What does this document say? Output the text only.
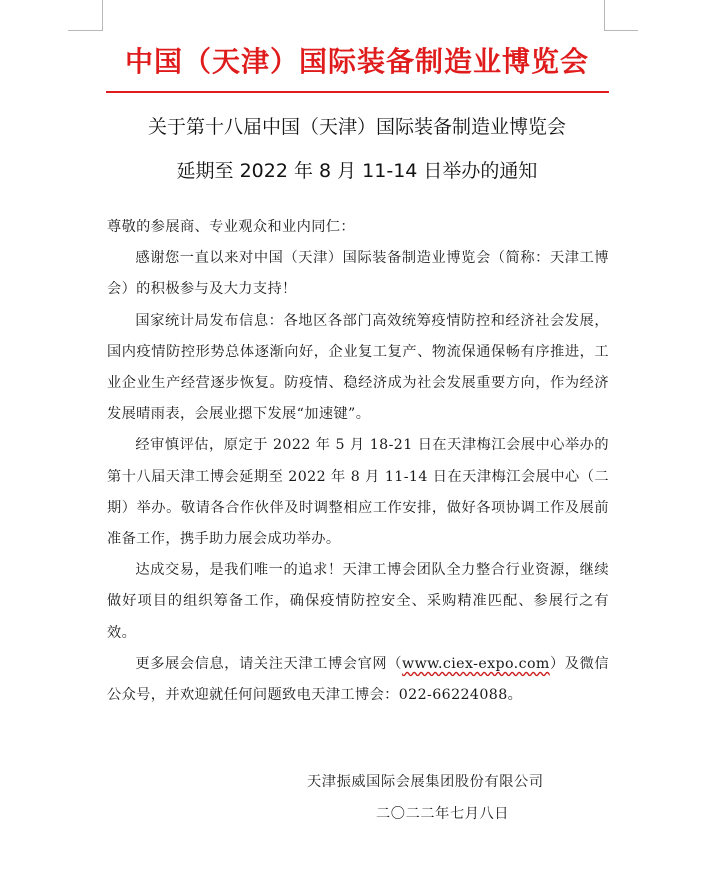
中国（天津）国际装备制造业博览会
关于第十八届中国（天津）国际装备制造业博览会
延期至 2022 年 8 月 11-14 日举办的通知

尊敬的参展商、专业观众和业内同仁：

感谢您一直以来对中国（天津）国际装备制造业博览会（简称：天津工博会）的积极参与及大力支持！

国家统计局发布信息：各地区各部门高效统筹疫情防控和经济社会发展，国内疫情防控形势总体逐渐向好，企业复工复产、物流保通保畅有序推进，工业企业生产经营逐步恢复。防疫情、稳经济成为社会发展重要方向，作为经济发展晴雨表，会展业摁下发展“加速键”。

经审慎评估，原定于 2022 年 5 月 18-21 日在天津梅江会展中心举办的第十八届天津工博会延期至 2022 年 8 月 11-14 日在天津梅江会展中心（二期）举办。敬请各合作伙伴及时调整相应工作安排，做好各项协调工作及展前准备工作，携手助力展会成功举办。

达成交易，是我们唯一的追求！天津工博会团队全力整合行业资源，继续做好项目的组织筹备工作，确保疫情防控安全、采购精准匹配、参展行之有效。

更多展会信息，请关注天津工博会官网（www.ciex-expo.com）及微信公众号，并欢迎就任何问题致电天津工博会：022-66224088。

天津振威国际会展集团股份有限公司
二〇二二年七月八日
